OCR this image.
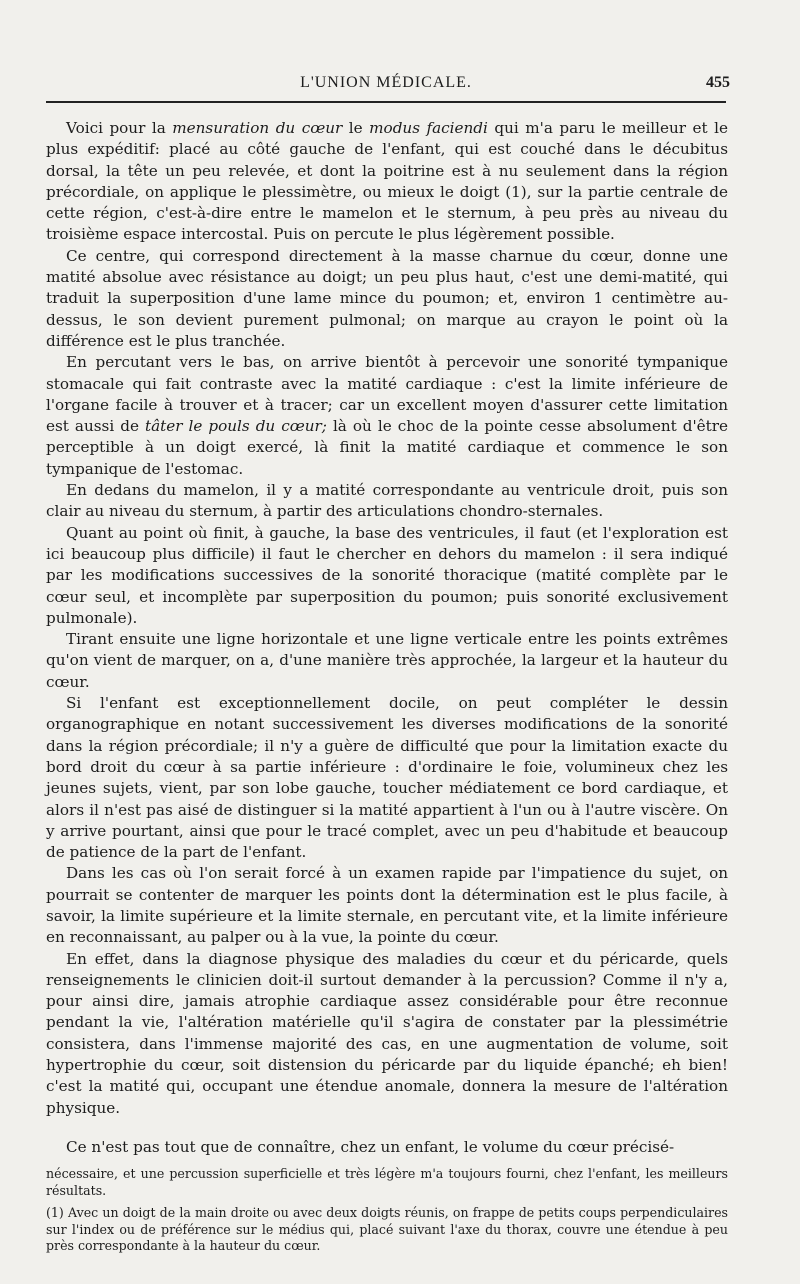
L'UNION MÉDICALE.	455

Voici pour la mensuration du cœur le modus faciendi qui m'a paru le meilleur et le plus expéditif: placé au côté gauche de l'enfant, qui est couché dans le décubitus dorsal, la tête un peu relevée, et dont la poitrine est à nu seulement dans la région précordiale, on applique le plessimètre, ou mieux le doigt (1), sur la partie centrale de cette région, c'est-à-dire entre le mamelon et le sternum, à peu près au niveau du troisième espace intercostal. Puis on percute le plus légèrement possible.

Ce centre, qui correspond directement à la masse charnue du cœur, donne une matité absolue avec résistance au doigt; un peu plus haut, c'est une demi-matité, qui traduit la superposition d'une lame mince du poumon; et, environ 1 centimètre au-dessus, le son devient purement pulmonal; on marque au crayon le point où la différence est le plus tranchée.

En percutant vers le bas, on arrive bientôt à percevoir une sonorité tympanique stomacale qui fait contraste avec la matité cardiaque : c'est la limite inférieure de l'organe facile à trouver et à tracer; car un excellent moyen d'assurer cette limitation est aussi de tâter le pouls du cœur; là où le choc de la pointe cesse absolument d'être perceptible à un doigt exercé, là finit la matité cardiaque et commence le son tympanique de l'estomac.

En dedans du mamelon, il y a matité correspondante au ventricule droit, puis son clair au niveau du sternum, à partir des articulations chondro-sternales.

Quant au point où finit, à gauche, la base des ventricules, il faut (et l'exploration est ici beaucoup plus difficile) il faut le chercher en dehors du mamelon : il sera indiqué par les modifications successives de la sonorité thoracique (matité complète par le cœur seul, et incomplète par superposition du poumon; puis sonorité exclusivement pulmonale).

Tirant ensuite une ligne horizontale et une ligne verticale entre les points extrêmes qu'on vient de marquer, on a, d'une manière très approchée, la largeur et la hauteur du cœur.

Si l'enfant est exceptionnellement docile, on peut compléter le dessin organographique en notant successivement les diverses modifications de la sonorité dans la région précordiale; il n'y a guère de difficulté que pour la limitation exacte du bord droit du cœur à sa partie inférieure : d'ordinaire le foie, volumineux chez les jeunes sujets, vient, par son lobe gauche, toucher médiatement ce bord cardiaque, et alors il n'est pas aisé de distinguer si la matité appartient à l'un ou à l'autre viscère. On y arrive pourtant, ainsi que pour le tracé complet, avec un peu d'habitude et beaucoup de patience de la part de l'enfant.

Dans les cas où l'on serait forcé à un examen rapide par l'impatience du sujet, on pourrait se contenter de marquer les points dont la détermination est le plus facile, à savoir, la limite supérieure et la limite sternale, en percutant vite, et la limite inférieure en reconnaissant, au palper ou à la vue, la pointe du cœur.

En effet, dans la diagnose physique des maladies du cœur et du péricarde, quels renseignements le clinicien doit-il surtout demander à la percussion? Comme il n'y a, pour ainsi dire, jamais atrophie cardiaque assez considérable pour être reconnue pendant la vie, l'altération matérielle qu'il s'agira de constater par la plessimétrie consistera, dans l'immense majorité des cas, en une augmentation de volume, soit hypertrophie du cœur, soit distension du péricarde par du liquide épanché; eh bien! c'est la matité qui, occupant une étendue anomale, donnera la mesure de l'altération physique.

Ce n'est pas tout que de connaître, chez un enfant, le volume du cœur précisé-

nécessaire, et une percussion superficielle et très légère m'a toujours fourni, chez l'enfant, les meilleurs résultats.

(1) Avec un doigt de la main droite ou avec deux doigts réunis, on frappe de petits coups perpendiculaires sur l'index ou de préférence sur le médius qui, placé suivant l'axe du thorax, couvre une étendue à peu près correspondante à la hauteur du cœur.
